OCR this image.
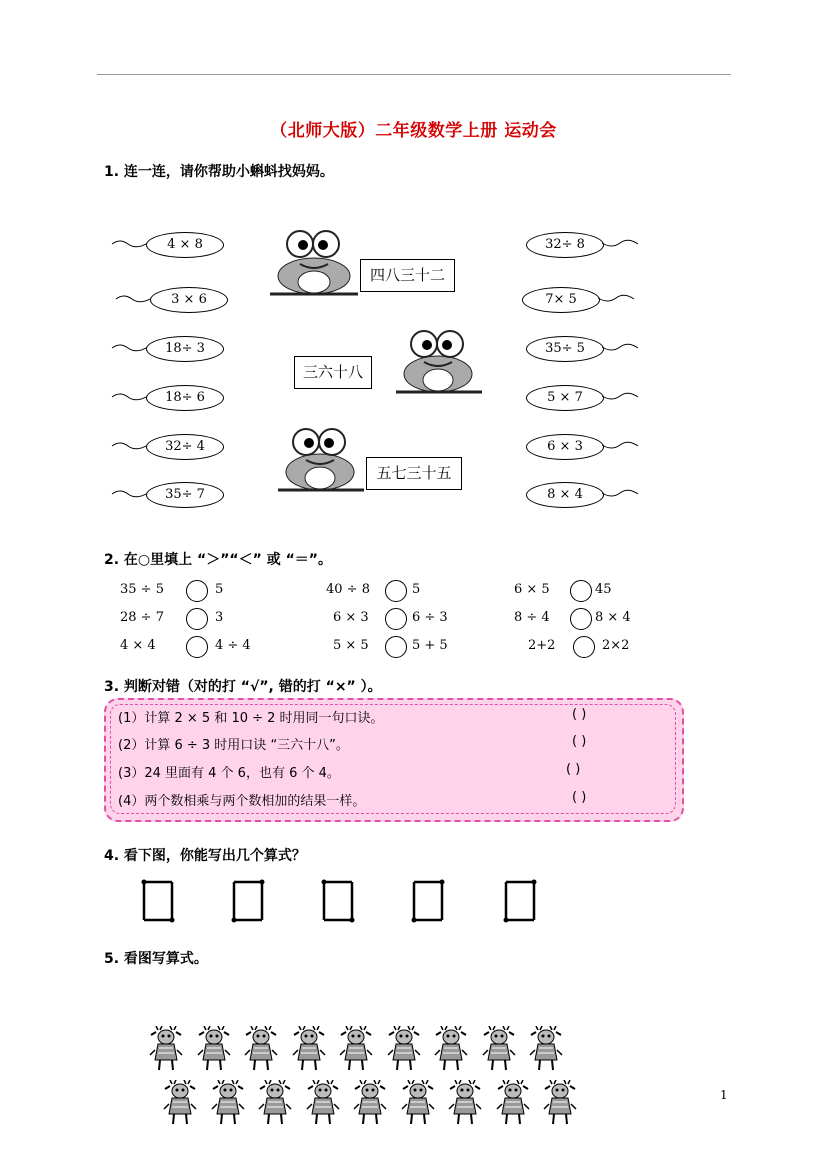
（北师大版）二年级数学上册 运动会
1. 连一连，请你帮助小蝌蚪找妈妈。
4 × 8
3 × 6
18÷ 3
18÷ 6
32÷ 4
35÷ 7
32÷ 8
7× 5
35÷ 5
5 × 7
6 × 3
8 × 4
四八三十二
三六十八
五七三十五
2. 在○里填上 “＞”“＜” 或 “＝”。
35 ÷ 5	5	40 ÷ 8	5	6 × 5	45
28 ÷ 7	3	6 × 3	6 ÷ 3	8 ÷ 4	8 × 4
4 × 4	4 ÷ 4	5 × 5	5 + 5	2+2	2×2
3. 判断对错（对的打 “√”, 错的打 “×” ）。
(1）计算 2 × 5 和 10 ÷ 2 时用同一句口诀。	( )
(2）计算 6 ÷ 3 时用口诀 “三六十八”。	( )
(3）24 里面有 4 个 6，也有 6 个 4。	( )
(4）两个数相乘与两个数相加的结果一样。	( )
4. 看下图，你能写出几个算式？
5. 看图写算式。
1
